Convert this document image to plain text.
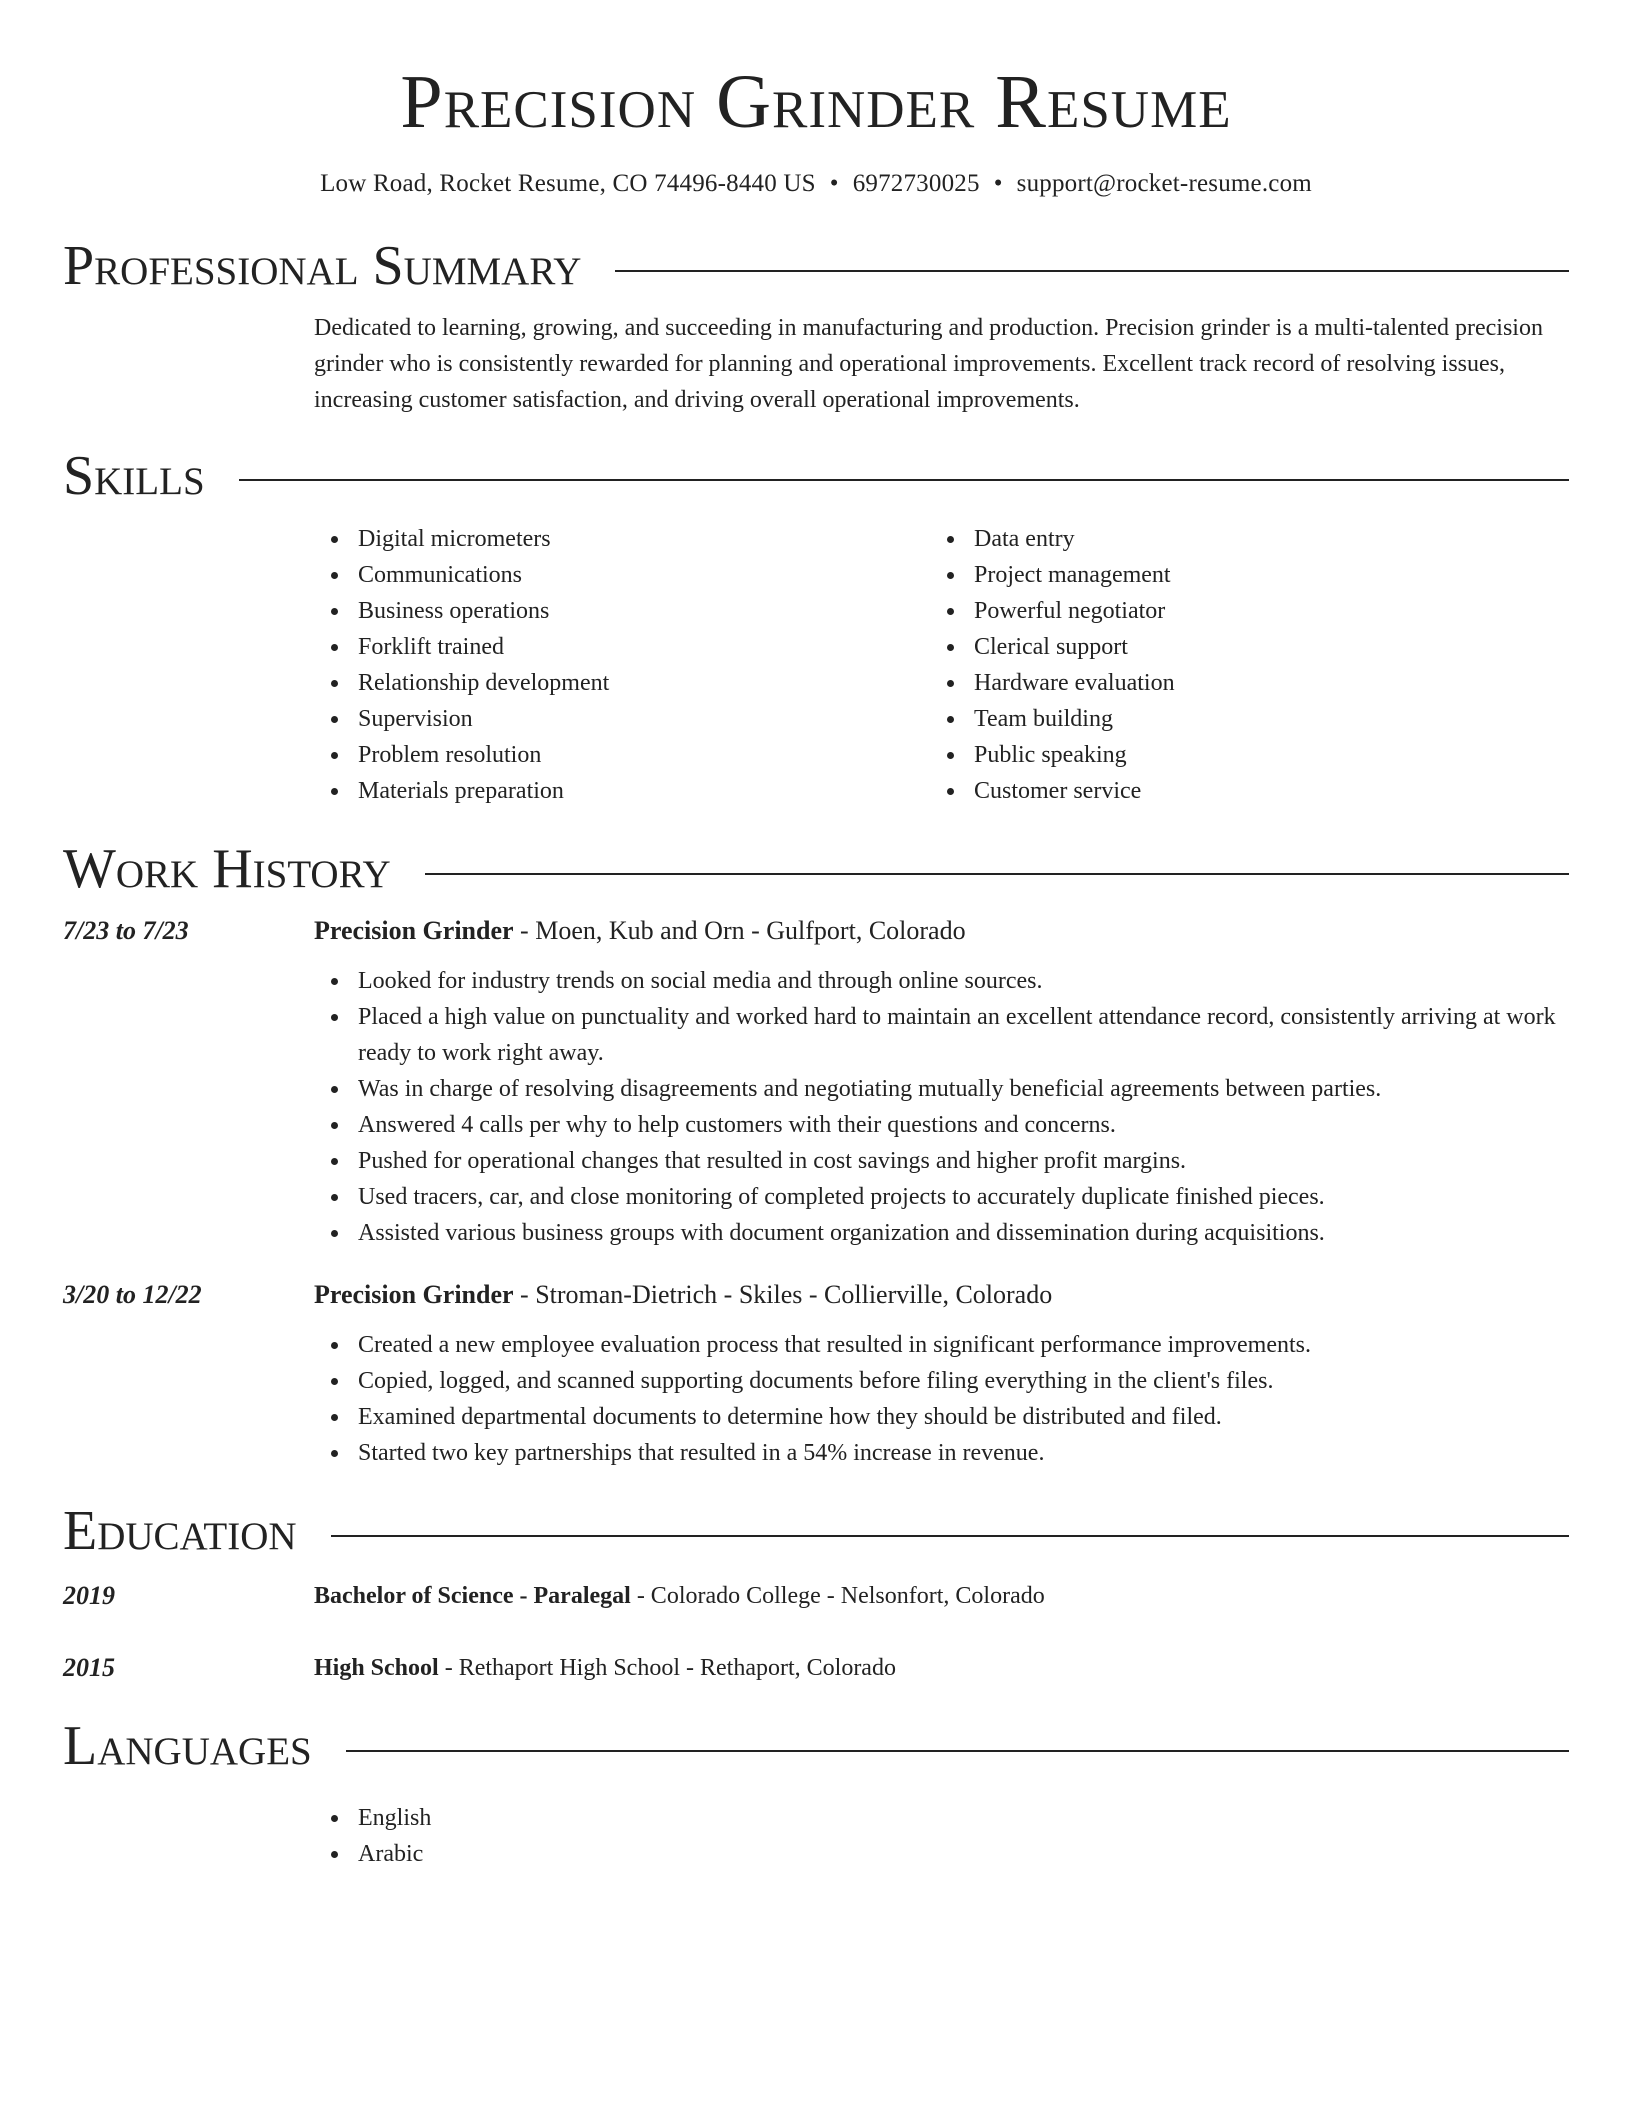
Precision Grinder Resume
Low Road, Rocket Resume, CO 74496-8440 US • 6972730025 • support@rocket-resume.com
Professional Summary
Dedicated to learning, growing, and succeeding in manufacturing and production. Precision grinder is a multi-talented precision grinder who is consistently rewarded for planning and operational improvements. Excellent track record of resolving issues, increasing customer satisfaction, and driving overall operational improvements.
Skills
Digital micrometers
Communications
Business operations
Forklift trained
Relationship development
Supervision
Problem resolution
Materials preparation
Data entry
Project management
Powerful negotiator
Clerical support
Hardware evaluation
Team building
Public speaking
Customer service
Work History
7/23 to 7/23	Precision Grinder - Moen, Kub and Orn - Gulfport, Colorado
Looked for industry trends on social media and through online sources.
Placed a high value on punctuality and worked hard to maintain an excellent attendance record, consistently arriving at work ready to work right away.
Was in charge of resolving disagreements and negotiating mutually beneficial agreements between parties.
Answered 4 calls per why to help customers with their questions and concerns.
Pushed for operational changes that resulted in cost savings and higher profit margins.
Used tracers, car, and close monitoring of completed projects to accurately duplicate finished pieces.
Assisted various business groups with document organization and dissemination during acquisitions.
3/20 to 12/22	Precision Grinder - Stroman-Dietrich - Skiles - Collierville, Colorado
Created a new employee evaluation process that resulted in significant performance improvements.
Copied, logged, and scanned supporting documents before filing everything in the client's files.
Examined departmental documents to determine how they should be distributed and filed.
Started two key partnerships that resulted in a 54% increase in revenue.
Education
2019	Bachelor of Science - Paralegal - Colorado College - Nelsonfort, Colorado
2015	High School - Rethaport High School - Rethaport, Colorado
Languages
English
Arabic
